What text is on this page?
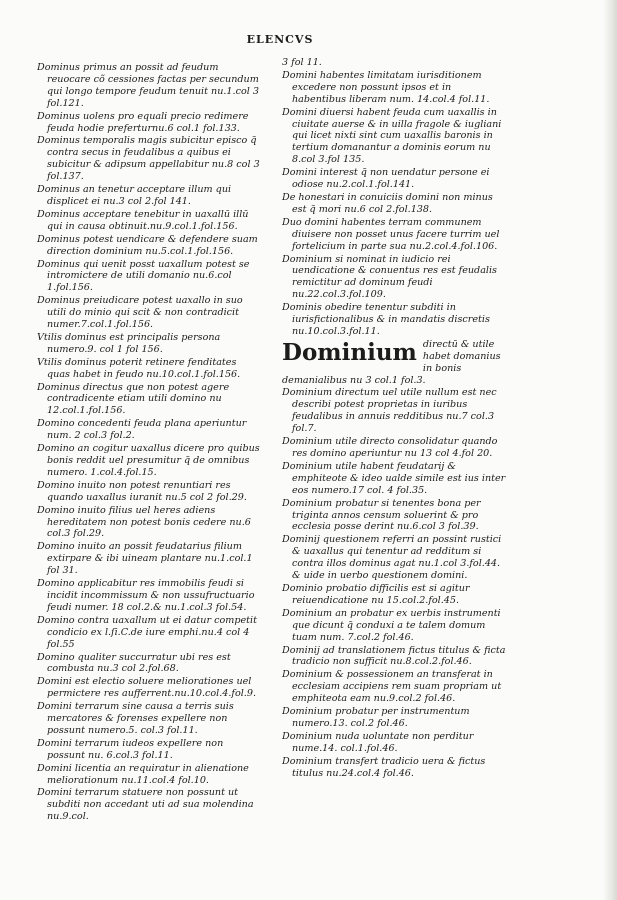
ELENCVS
Dominus primus an possit ad feudum reuocare cõ cessiones factas per secundum qui longo tempore feudum tenuit nu.1.col 3 fol.121.
Dominus uolens pro equali precio redimere feuda hodie preferturnu.6 col.1 fol.133.
Dominus temporalis magis subicitur episco q̃ contra secus in feudalibus a quibus ei subicitur & adipsum appellabitur nu.8 col 3 fol.137.
Dominus an tenetur acceptare illum qui displicet ei nu.3 col 2.fol 141.
Dominus acceptare tenebitur in uaxallū illū qui in causa obtinuit.nu.9.col.1.fol.156.
Dominus potest uendicare & defendere suam direction dominium nu.5.col.1.fol.156.
Dominus qui uenit posst uaxallum potest se intromictere de utili domanio nu.6.col 1.fol.156.
Dominus preiudicare potest uaxallo in suo utili do minio qui scit & non contradicit numer.7.col.1.fol.156.
Vtilis dominus est principalis persona numero.9. col 1 fol 156.
Vtilis dominus poterit retinere fenditates quas habet in feudo nu.10.col.1.fol.156.
Dominus directus que non potest agere contradicente etiam utili domino nu 12.col.1.fol.156.
Domino concedenti feuda plana aperiuntur num. 2 col.3 fol.2.
Domino an cogitur uaxallus dicere pro quibus bonis reddit uel presumitur q̃ de omnibus numero. 1.col.4.fol.15.
Domino inuito non potest renuntiari res quando uaxallus iuranit nu.5 col 2 fol.29.
Domino inuito filius uel heres adiens hereditatem non potest bonis cedere nu.6 col.3 fol.29.
Domino inuito an possit feudatarius filium extirpare & ibi uineam plantare nu.1.col.1 fol 31.
Domino applicabitur res immobilis feudi si incidit incommissum & non ussufructuario feudi numer. 18 col.2.& nu.1.col.3 fol.54.
Domino contra uaxallum ut ei datur competit condicio ex l.ſi.C.de iure emphi.nu.4 col 4 fol.55
Domino qualiter succurratur ubi res est combusta nu.3 col 2.fol.68.
Domini est electio soluere meliorationes uel permictere res aufferrent.nu.10.col.4.fol.9.
Domini terrarum sine causa a terris suis mercatores & forenses expellere non possunt numero.5. col.3 fol.11.
Domini terrarum iudeos expellere non possunt nu. 6.col.3 fol.11.
Domini licentia an requiratur in alienatione meliorationum nu.11.col.4 fol.10.
Domini terrarum statuere non possunt ut subditi non accedant uti ad sua molendina nu.9.col.
3 fol 11.
Domini habentes limitatam iurisditionem excedere non possunt ipsos et in habentibus liberam num. 14.col.4 fol.11.
Domini diuersi habent feuda cum uaxallis in ciuitate auerse & in uilla fragole & iugliani qui licet nixti sint cum uaxallis baronis in tertium domanantur a dominis eorum nu 8.col 3.fol 135.
Domini interest q̃ non uendatur persone ei odiose nu.2.col.1.fol.141.
De honestari in conuiciis domini non minus est q̃ mori nu.6 col 2.fol.138.
Duo domini habentes terram communem diuisere non posset unus facere turrim uel fortelicium in parte sua nu.2.col.4.fol.106.
Dominium si nominat in iudicio rei uendicatione & conuentus res est feudalis remictitur ad dominum feudi nu.22.col.3.fol.109.
Dominis obedire tenentur subditi in iurisfictionalibus & in mandatis discretis nu.10.col.3.fol.11.
Dominium directū & utile habet domanius in bonis demanialibus nu 3 col.1 fol.3.
Dominium directum uel utile nullum est nec describi potest proprietas in iuribus feudalibus in annuis redditibus nu.7 col.3 fol.7.
Dominium utile directo consolidatur quando res domino aperiuntur nu 13 col 4.fol 20.
Dominium utile habent feudatarij & emphiteote & ideo ualde simile est ius inter eos numero.17 col. 4 fol.35.
Dominium probatur si tenentes bona per triginta annos censum soluerint & pro ecclesia posse derint nu.6.col 3 fol.39.
Dominij questionem referri an possint rustici & uaxallus qui tenentur ad redditum si contra illos dominus agat nu.1.col 3.fol.44. & uide in uerbo questionem domini.
Dominio probatio difficilis est si agitur reiuendicatione nu 15.col.2.fol.45.
Dominium an probatur ex uerbis instrumenti que dicunt q̃ conduxi a te talem domum tuam num. 7.col.2 fol.46.
Dominij ad translationem fictus titulus & ficta tradicio non sufficit nu.8.col.2.fol.46.
Dominium & possessionem an transferat in ecclesiam accipiens rem suam propriam ut emphiteota eam nu.9.col.2 fol.46.
Dominium probatur per instrumentum numero.13. col.2 fol.46.
Dominium nuda uoluntate non perditur nume.14. col.1.fol.46.
Dominium transfert tradicio uera & fictus titulus nu.24.col.4 fol.46.
